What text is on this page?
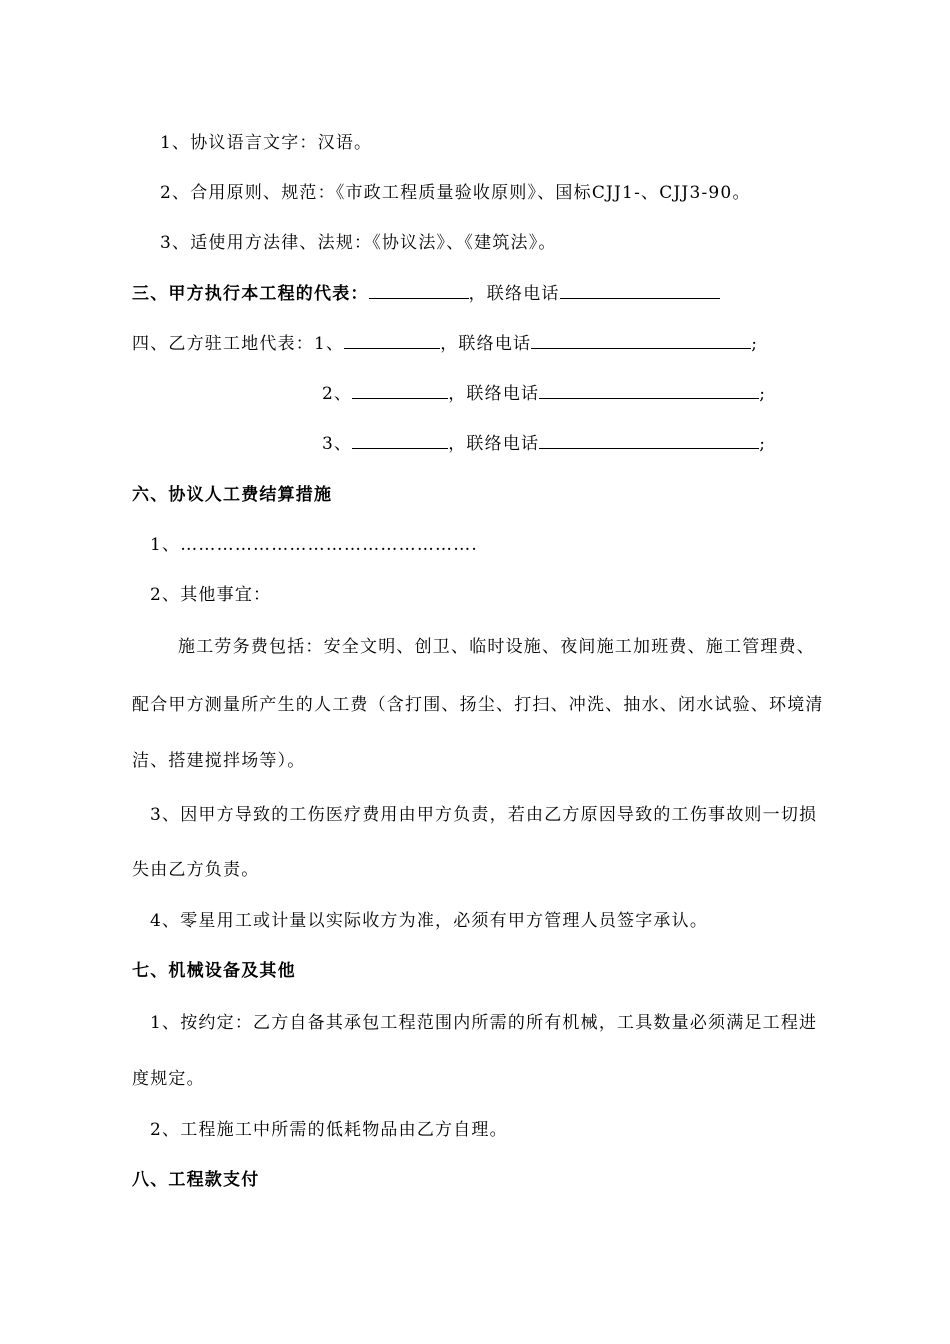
1、协议语言文字：汉语。
2、合用原则、规范：《市政工程质量验收原则》、国标CJJ1-、CJJ3-90。
3、适使用方法律、法规：《协议法》、《建筑法》。
三、甲方执行本工程的代表：	，联络电话
四、乙方驻工地代表：1、	，联络电话	;
2、	，联络电话	;
3、	，联络电话	;
六、协议人工费结算措施
1、………………………………………….
2、其他事宜：
施工劳务费包括：安全文明、创卫、临时设施、夜间施工加班费、施工管理费、
配合甲方测量所产生的人工费（含打围、扬尘、打扫、冲洗、抽水、闭水试验、环境清
洁、搭建搅拌场等）。
3、因甲方导致的工伤医疗费用由甲方负责，若由乙方原因导致的工伤事故则一切损
失由乙方负责。
4、零星用工或计量以实际收方为准，必须有甲方管理人员签字承认。
七、机械设备及其他
1、按约定：乙方自备其承包工程范围内所需的所有机械，工具数量必须满足工程进
度规定。
2、工程施工中所需的低耗物品由乙方自理。
八、工程款支付
